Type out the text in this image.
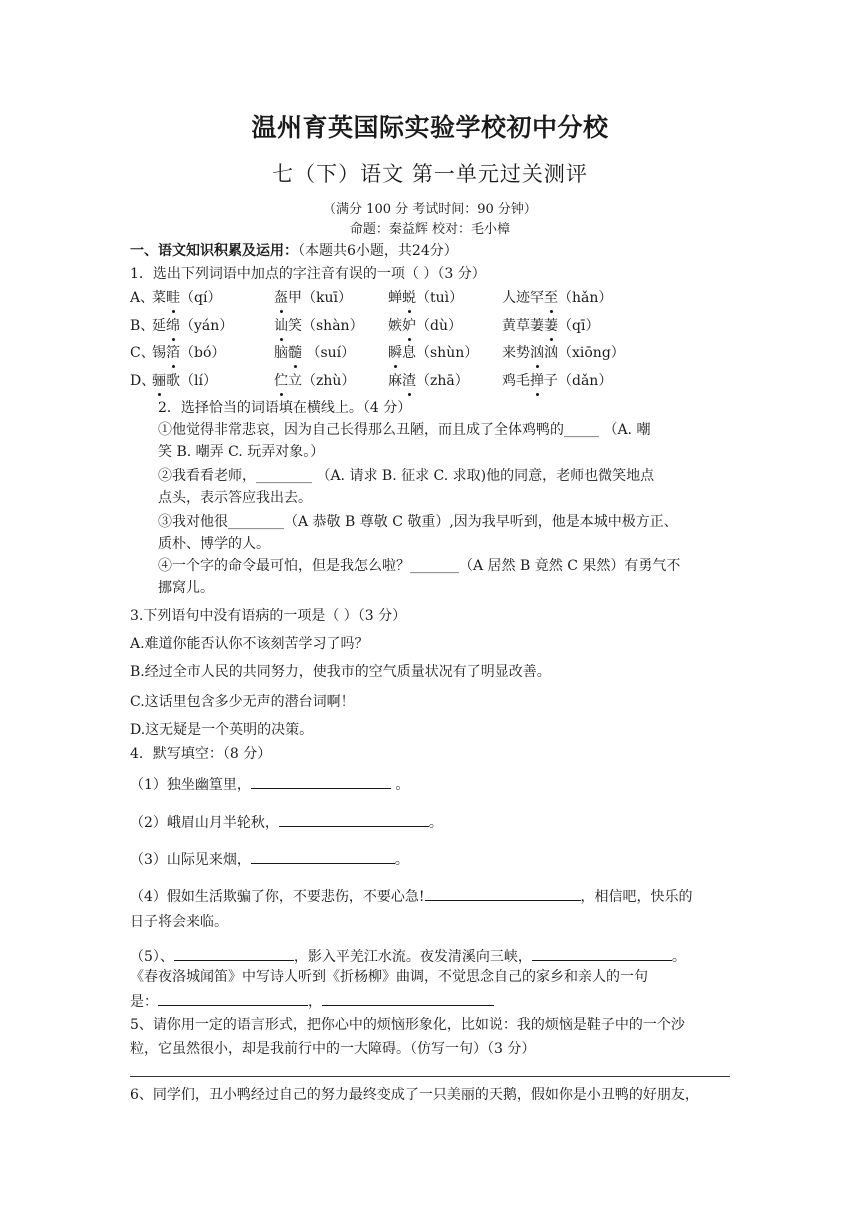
温州育英国际实验学校初中分校
七（下）语文 第一单元过关测评
（满分 100 分 考试时间：90 分钟）
命题：秦益辉 校对：毛小樟
一、语文知识积累及运用：（本题共6小题，共24分）
1．选出下列词语中加点的字注音有误的一项（ ）（3 分）
A、
菜畦（qí）	盔甲（kuī）	蝉蜕（tuì）	人迹罕至（hǎn）
B、
延绵（yán）	讪笑（shàn） 嫉妒（dù）	黄草萋萋（qī）
C、
锡箔（bó）	脑髓 （suí） 瞬息（shùn） 来势汹汹（xiōng）
D、
骊歌（lí）	伫立（zhù） 麻渣（zhā） 鸡毛掸子（dǎn）
2．选择恰当的词语填在横线上。（4 分）
①他觉得非常悲哀，因为自己长得那么丑陋，而且成了全体鸡鸭的_____ （A. 嘲
笑 B. 嘲弄 C. 玩弄对象。）
②我看看老师，________ （A. 请求 B. 征求 C. 求取)他的同意，老师也微笑地点
点头，表示答应我出去。
③我对他很________（A 恭敬 B 尊敬 C 敬重）,因为我早听到，他是本城中极方正、
质朴、博学的人。
④一个字的命令最可怕，但是我怎么啦？_______（A 居然 B 竟然 C 果然）有勇气不
挪窝儿。
3.下列语句中没有语病的一项是（ ）（3 分）
A.难道你能否认你不该刻苦学习了吗？
B.经过全市人民的共同努力，使我市的空气质量状况有了明显改善。
C.这话里包含多少无声的潜台词啊！
D.这无疑是一个英明的决策。
4．默写填空：（8 分）
（1）独坐幽篁里，	。
（2）峨眉山月半轮秋，	。
（3）山际见来烟，	。
（4）假如生活欺骗了你，不要悲伤，不要心急!	，相信吧，快乐的
日子将会来临。
（5）、	，影入平羌江水流。夜发清溪向三峡，	。
《春夜洛城闻笛》中写诗人听到《折杨柳》曲调，不觉思念自己的家乡和亲人的一句
是：	，
5、请你用一定的语言形式，把你心中的烦恼形象化，比如说：我的烦恼是鞋子中的一个沙
粒，它虽然很小，却是我前行中的一大障碍。（仿写一句）（3 分）
6、同学们，丑小鸭经过自己的努力最终变成了一只美丽的天鹅，假如你是小丑鸭的好朋友，
